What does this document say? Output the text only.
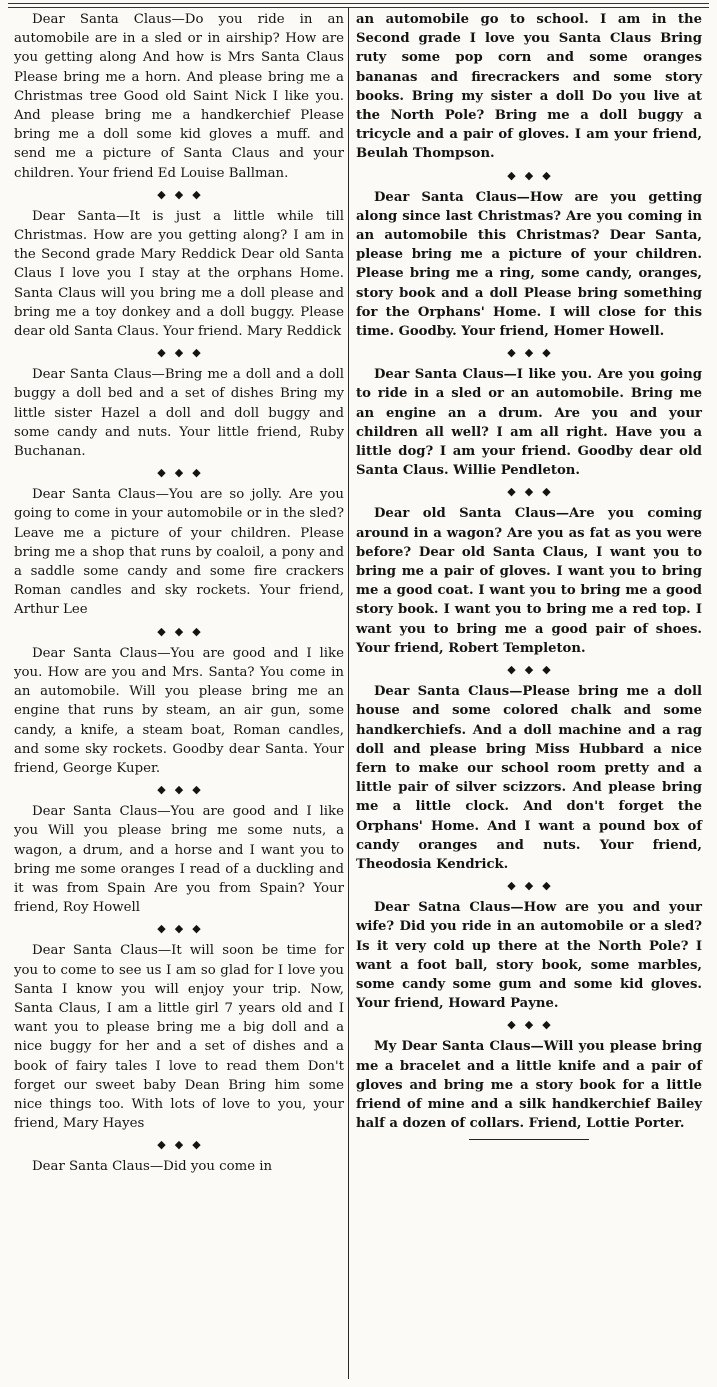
Dear Santa Claus—Do you ride in an automobile are in a sled or in airship? How are you getting along And how is Mrs Santa Claus Please bring me a horn. And please bring me a Christmas tree Good old Saint Nick I like you. And please bring me a handkerchief Please bring me a doll some kid gloves a muff. and send me a picture of Santa Claus and your children. Your friend Ed Louise Ballman.

◆◆◆

Dear Santa—It is just a little while till Christmas. How are you getting along? I am in the Second grade Mary Reddick Dear old Santa Claus I love you I stay at the orphans Home. Santa Claus will you bring me a doll please and bring me a toy donkey and a doll buggy. Please dear old Santa Claus. Your friend. Mary Reddick

◆◆◆

Dear Santa Claus—Bring me a doll and a doll buggy a doll bed and a set of dishes Bring my little sister Hazel a doll and doll buggy and some candy and nuts. Your little friend, Ruby Buchanan.

◆◆◆

Dear Santa Claus—You are so jolly. Are you going to come in your automobile or in the sled? Leave me a picture of your children. Please bring me a shop that runs by coaloil, a pony and a saddle some candy and some fire crackers Roman candles and sky rockets. Your friend, Arthur Lee

◆◆◆

Dear Santa Claus—You are good and I like you. How are you and Mrs. Santa? You come in an automobile. Will you please bring me an engine that runs by steam, an air gun, some candy, a knife, a steam boat, Roman candles, and some sky rockets. Goodby dear Santa. Your friend, George Kuper.

◆◆◆

Dear Santa Claus—You are good and I like you Will you please bring me some nuts, a wagon, a drum, and a horse and I want you to bring me some oranges I read of a duckling and it was from Spain Are you from Spain? Your friend, Roy Howell

◆◆◆

Dear Santa Claus—It will soon be time for you to come to see us I am so glad for I love you Santa I know you will enjoy your trip. Now, Santa Claus, I am a little girl 7 years old and I want you to please bring me a big doll and a nice buggy for her and a set of dishes and a book of fairy tales I love to read them Don't forget our sweet baby Dean Bring him some nice things too. With lots of love to you, your friend, Mary Hayes

◆◆◆

Dear Santa Claus—Did you come in

an automobile go to school. I am in the Second grade I love you Santa Claus Bring ruty some pop corn and some oranges bananas and firecrackers and some story books. Bring my sister a doll Do you live at the North Pole? Bring me a doll buggy a tricycle and a pair of gloves. I am your friend, Beulah Thompson.

◆◆◆

Dear Santa Claus—How are you getting along since last Christmas? Are you coming in an automobile this Christmas? Dear Santa, please bring me a picture of your children. Please bring me a ring, some candy, oranges, story book and a doll Please bring something for the Orphans' Home. I will close for this time. Goodby. Your friend, Homer Howell.

◆◆◆

Dear Santa Claus—I like you. Are you going to ride in a sled or an automobile. Bring me an engine an a drum. Are you and your children all well? I am all right. Have you a little dog? I am your friend. Goodby dear old Santa Claus. Willie Pendleton.

◆◆◆

Dear old Santa Claus—Are you coming around in a wagon? Are you as fat as you were before? Dear old Santa Claus, I want you to bring me a pair of gloves. I want you to bring me a good coat. I want you to bring me a good story book. I want you to bring me a red top. I want you to bring me a good pair of shoes. Your friend, Robert Templeton.

◆◆◆

Dear Santa Claus—Please bring me a doll house and some colored chalk and some handkerchiefs. And a doll machine and a rag doll and please bring Miss Hubbard a nice fern to make our school room pretty and a little pair of silver scizzors. And please bring me a little clock. And don't forget the Orphans' Home. And I want a pound box of candy oranges and nuts. Your friend, Theodosia Kendrick.

◆◆◆

Dear Satna Claus—How are you and your wife? Did you ride in an automobile or a sled? Is it very cold up there at the North Pole? I want a foot ball, story book, some marbles, some candy some gum and some kid gloves. Your friend, Howard Payne.

◆◆◆

My Dear Santa Claus—Will you please bring me a bracelet and a little knife and a pair of gloves and bring me a story book for a little friend of mine and a silk handkerchief Bailey half a dozen of collars. Friend, Lottie Porter.
